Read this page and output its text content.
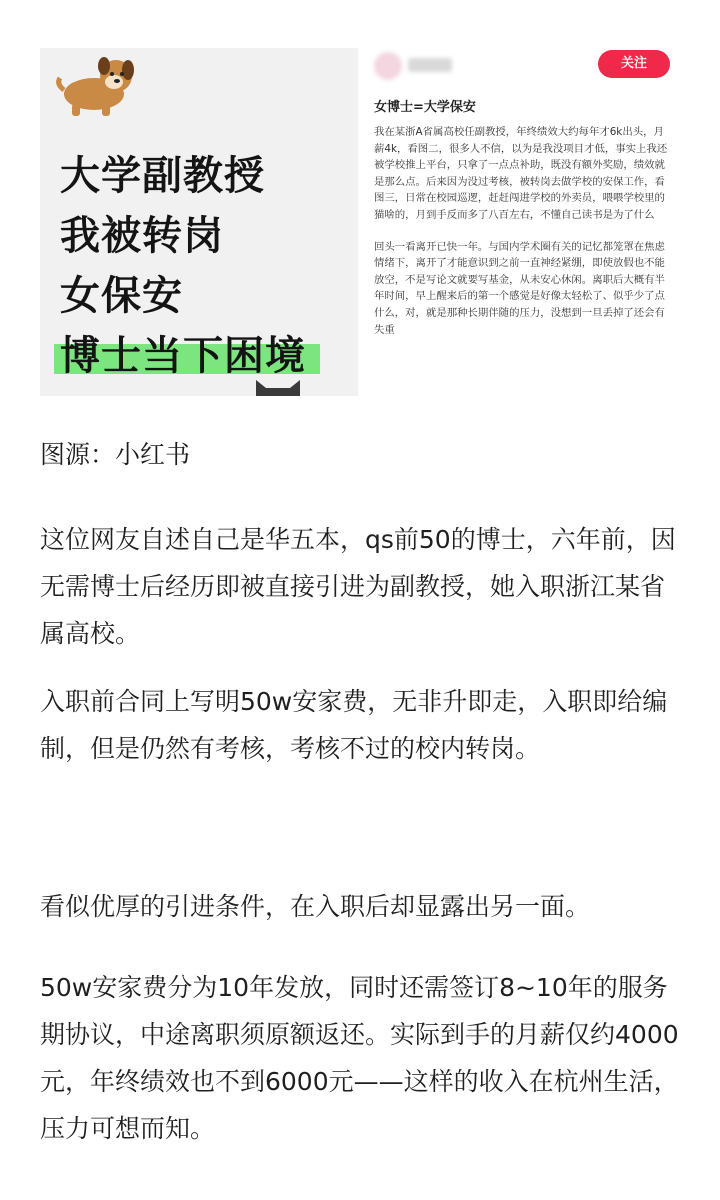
大学副教授
我被转岗
女保安
博士当下困境
关注
女博士=大学保安

我在某浙A省属高校任副教授，年终绩效大约每年才6k出头，月薪4k，看图二，很多人不信，以为是我没项目才低，事实上我还被学校推上平台，只拿了一点点补助，既没有额外奖励，绩效就是那么点。后来因为没过考核，被转岗去做学校的安保工作，看图三，日常在校园巡逻，赶赶闯进学校的外卖员，喂喂学校里的猫啥的，月到手反而多了八百左右，不懂自己读书是为了什么

回头一看离开已快一年。与国内学术圈有关的记忆都笼罩在焦虑情绪下，离开了才能意识到之前一直神经紧绷，即使放假也不能放空，不是写论文就要写基金，从未安心休闲。离职后大概有半年时间，早上醒来后的第一个感觉是好像太轻松了、似乎少了点什么，对，就是那种长期伴随的压力，没想到一旦丢掉了还会有失重

图源：小红书

这位网友自述自己是华五本，qs前50的博士，六年前，因无需博士后经历即被直接引进为副教授，她入职浙江某省属高校。

入职前合同上写明50w安家费，无非升即走，入职即给编制，但是仍然有考核，考核不过的校内转岗。

看似优厚的引进条件，在入职后却显露出另一面。

50w安家费分为10年发放，同时还需签订8~10年的服务期协议，中途离职须原额返还。实际到手的月薪仅约4000元，年终绩效也不到6000元——这样的收入在杭州生活，压力可想而知。
